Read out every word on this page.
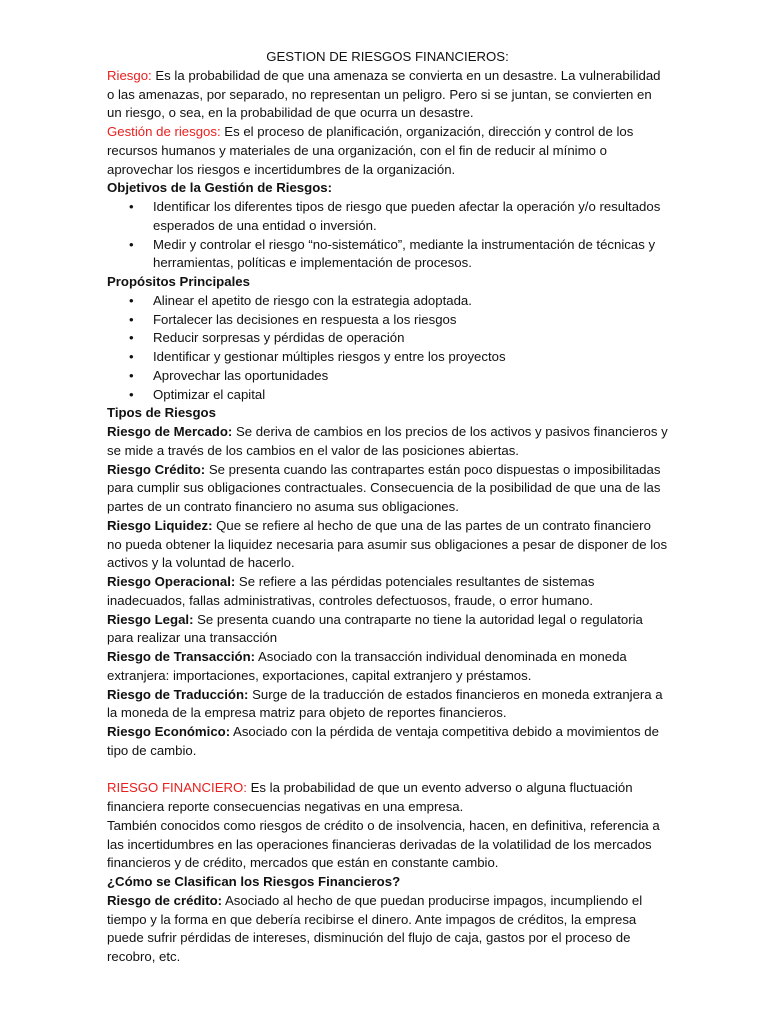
GESTION DE RIESGOS FINANCIEROS:

Riesgo: Es la probabilidad de que una amenaza se convierta en un desastre. La vulnerabilidad o las amenazas, por separado, no representan un peligro. Pero si se juntan, se convierten en un riesgo, o sea, en la probabilidad de que ocurra un desastre.

Gestión de riesgos: Es el proceso de planificación, organización, dirección y control de los recursos humanos y materiales de una organización, con el fin de reducir al mínimo o aprovechar los riesgos e incertidumbres de la organización.

Objetivos de la Gestión de Riesgos:

• Identificar los diferentes tipos de riesgo que pueden afectar la operación y/o resultados esperados de una entidad o inversión.
• Medir y controlar el riesgo “no-sistemático”, mediante la instrumentación de técnicas y herramientas, políticas e implementación de procesos.

Propósitos Principales

• Alinear el apetito de riesgo con la estrategia adoptada.
• Fortalecer las decisiones en respuesta a los riesgos
• Reducir sorpresas y pérdidas de operación
• Identificar y gestionar múltiples riesgos y entre los proyectos
• Aprovechar las oportunidades
• Optimizar el capital

Tipos de Riesgos

Riesgo de Mercado: Se deriva de cambios en los precios de los activos y pasivos financieros y se mide a través de los cambios en el valor de las posiciones abiertas.

Riesgo Crédito: Se presenta cuando las contrapartes están poco dispuestas o imposibilitadas para cumplir sus obligaciones contractuales. Consecuencia de la posibilidad de que una de las partes de un contrato financiero no asuma sus obligaciones.

Riesgo Liquidez: Que se refiere al hecho de que una de las partes de un contrato financiero no pueda obtener la liquidez necesaria para asumir sus obligaciones a pesar de disponer de los activos y la voluntad de hacerlo.

Riesgo Operacional: Se refiere a las pérdidas potenciales resultantes de sistemas inadecuados, fallas administrativas, controles defectuosos, fraude, o error humano.

Riesgo Legal: Se presenta cuando una contraparte no tiene la autoridad legal o regulatoria para realizar una transacción

Riesgo de Transacción: Asociado con la transacción individual denominada en moneda extranjera: importaciones, exportaciones, capital extranjero y préstamos.

Riesgo de Traducción: Surge de la traducción de estados financieros en moneda extranjera a la moneda de la empresa matriz para objeto de reportes financieros.

Riesgo Económico: Asociado con la pérdida de ventaja competitiva debido a movimientos de tipo de cambio.

RIESGO FINANCIERO: Es la probabilidad de que un evento adverso o alguna fluctuación financiera reporte consecuencias negativas en una empresa.

También conocidos como riesgos de crédito o de insolvencia, hacen, en definitiva, referencia a las incertidumbres en las operaciones financieras derivadas de la volatilidad de los mercados financieros y de crédito, mercados que están en constante cambio.

¿Cómo se Clasifican los Riesgos Financieros?

Riesgo de crédito: Asociado al hecho de que puedan producirse impagos, incumpliendo el tiempo y la forma en que debería recibirse el dinero. Ante impagos de créditos, la empresa puede sufrir pérdidas de intereses, disminución del flujo de caja, gastos por el proceso de recobro, etc.
